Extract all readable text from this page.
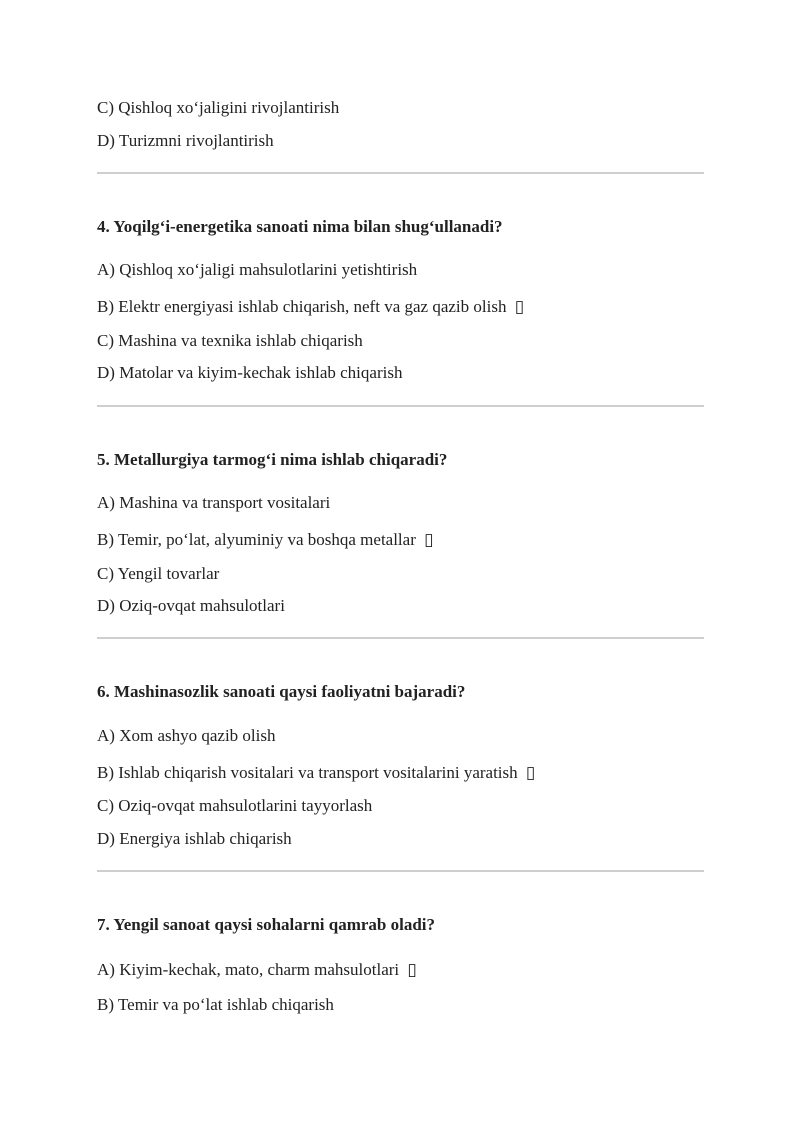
C) Qishloq xo‘jaligini rivojlantirish
D) Turizmni rivojlantirish
4. Yoqilg‘i-energetika sanoati nima bilan shug‘ullanadi?
A) Qishloq xo‘jaligi mahsulotlarini yetishtirish
B) Elektr energiyasi ishlab chiqarish, neft va gaz qazib olish ▯
C) Mashina va texnika ishlab chiqarish
D) Matolar va kiyim-kechak ishlab chiqarish
5. Metallurgiya tarmog‘i nima ishlab chiqaradi?
A) Mashina va transport vositalari
B) Temir, po‘lat, alyuminiy va boshqa metallar ▯
C) Yengil tovarlar
D) Oziq-ovqat mahsulotlari
6. Mashinasozlik sanoati qaysi faoliyatni bajaradi?
A) Xom ashyo qazib olish
B) Ishlab chiqarish vositalari va transport vositalarini yaratish ▯
C) Oziq-ovqat mahsulotlarini tayyorlash
D) Energiya ishlab chiqarish
7. Yengil sanoat qaysi sohalarni qamrab oladi?
A) Kiyim-kechak, mato, charm mahsulotlari ▯
B) Temir va po‘lat ishlab chiqarish
